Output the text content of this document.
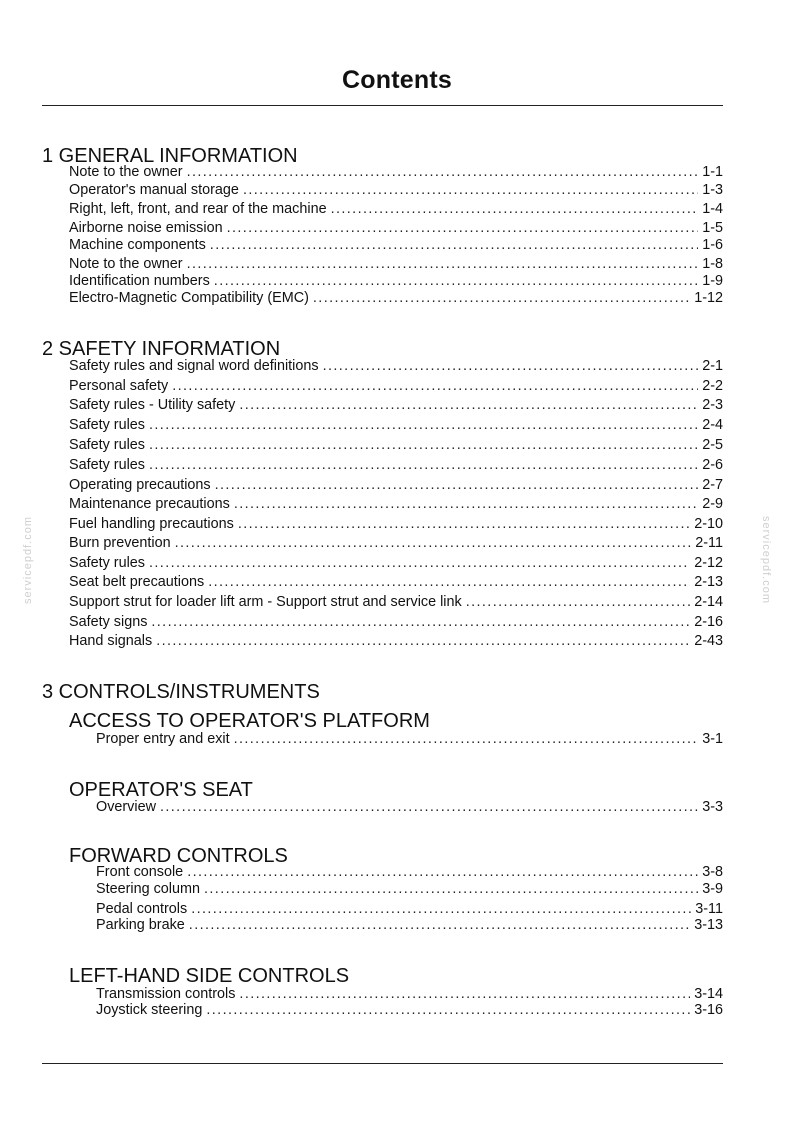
Contents
1 GENERAL INFORMATION
Note to the owner .....	1-1
Operator's manual storage .....	1-3
Right, left, front, and rear of the machine .....	1-4
Airborne noise emission .....	1-5
Machine components .....	1-6
Note to the owner .....	1-8
Identification numbers .....	1-9
Electro-Magnetic Compatibility (EMC) .....	1-12
2 SAFETY INFORMATION
Safety rules and signal word definitions .....	2-1
Personal safety .....	2-2
Safety rules - Utility safety .....	2-3
Safety rules .....	2-4
Safety rules .....	2-5
Safety rules .....	2-6
Operating precautions .....	2-7
Maintenance precautions .....	2-9
Fuel handling precautions .....	2-10
Burn prevention .....	2-11
Safety rules .....	2-12
Seat belt precautions .....	2-13
Support strut for loader lift arm - Support strut and service link .....	2-14
Safety signs .....	2-16
Hand signals .....	2-43
3 CONTROLS/INSTRUMENTS
ACCESS TO OPERATOR'S PLATFORM
Proper entry and exit .....	3-1
OPERATOR'S SEAT
Overview .....	3-3
FORWARD CONTROLS
Front console .....	3-8
Steering column .....	3-9
Pedal controls .....	3-11
Parking brake .....	3-13
LEFT-HAND SIDE CONTROLS
Transmission controls .....	3-14
Joystick steering .....	3-16
servicepdf.com	servicepdf.com
